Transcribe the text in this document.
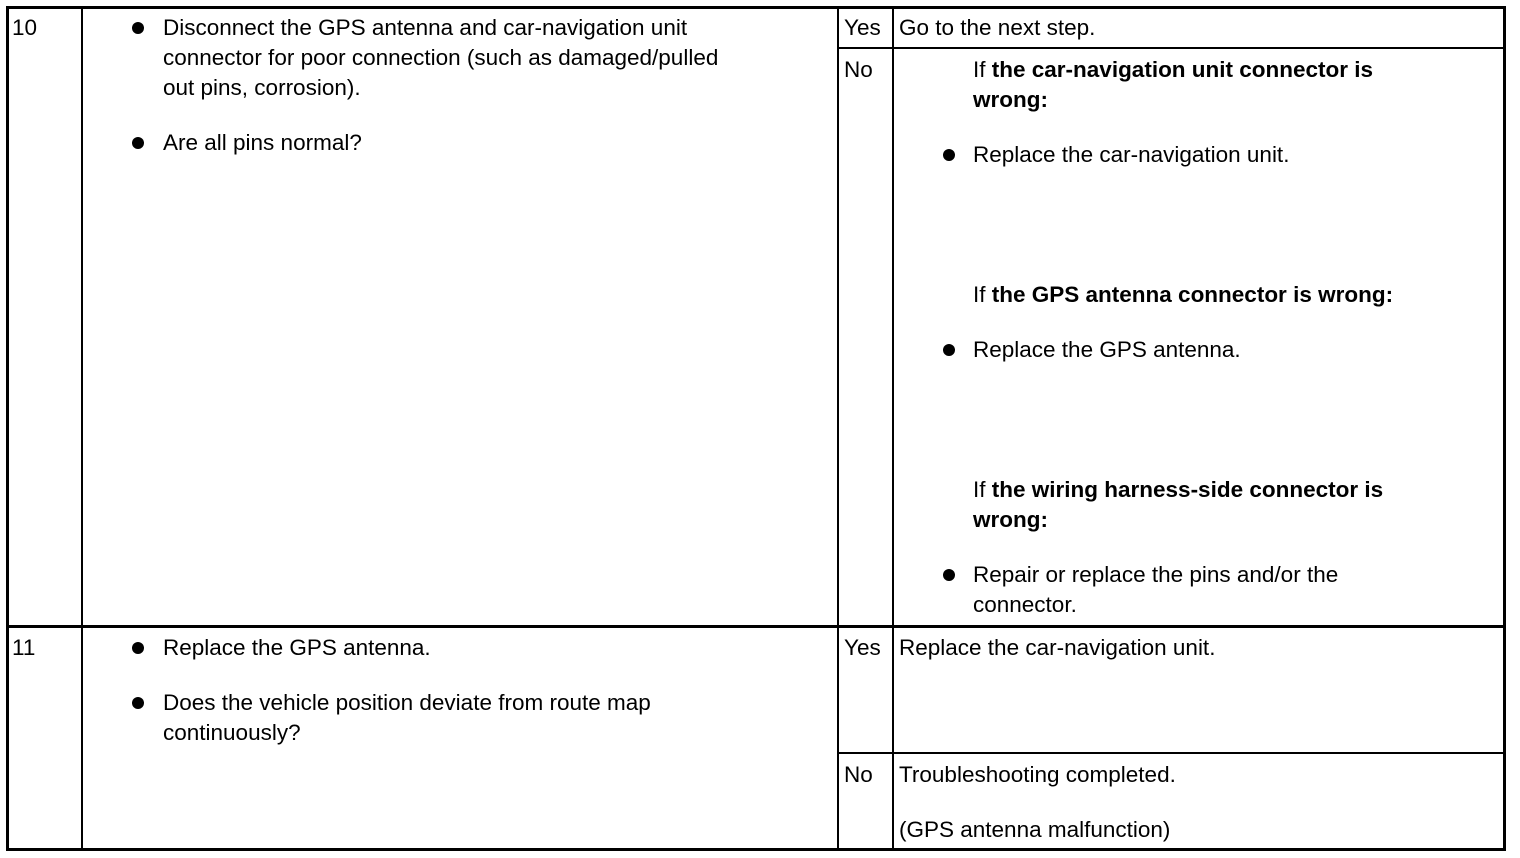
10	Disconnect the GPS antenna and car-navigation unit
connector for poor connection (such as damaged/pulled
out pins, corrosion).
Are all pins normal?
Yes Go to the next step.
No	If the car-navigation unit connector is
wrong:
Replace the car-navigation unit.
If the GPS antenna connector is wrong:
Replace the GPS antenna.
If the wiring harness-side connector is
wrong:
Repair or replace the pins and/or the
connector.
11	Replace the GPS antenna.
Does the vehicle position deviate from route map
continuously?
Yes Replace the car-navigation unit.
No Troubleshooting completed.
(GPS antenna malfunction)
